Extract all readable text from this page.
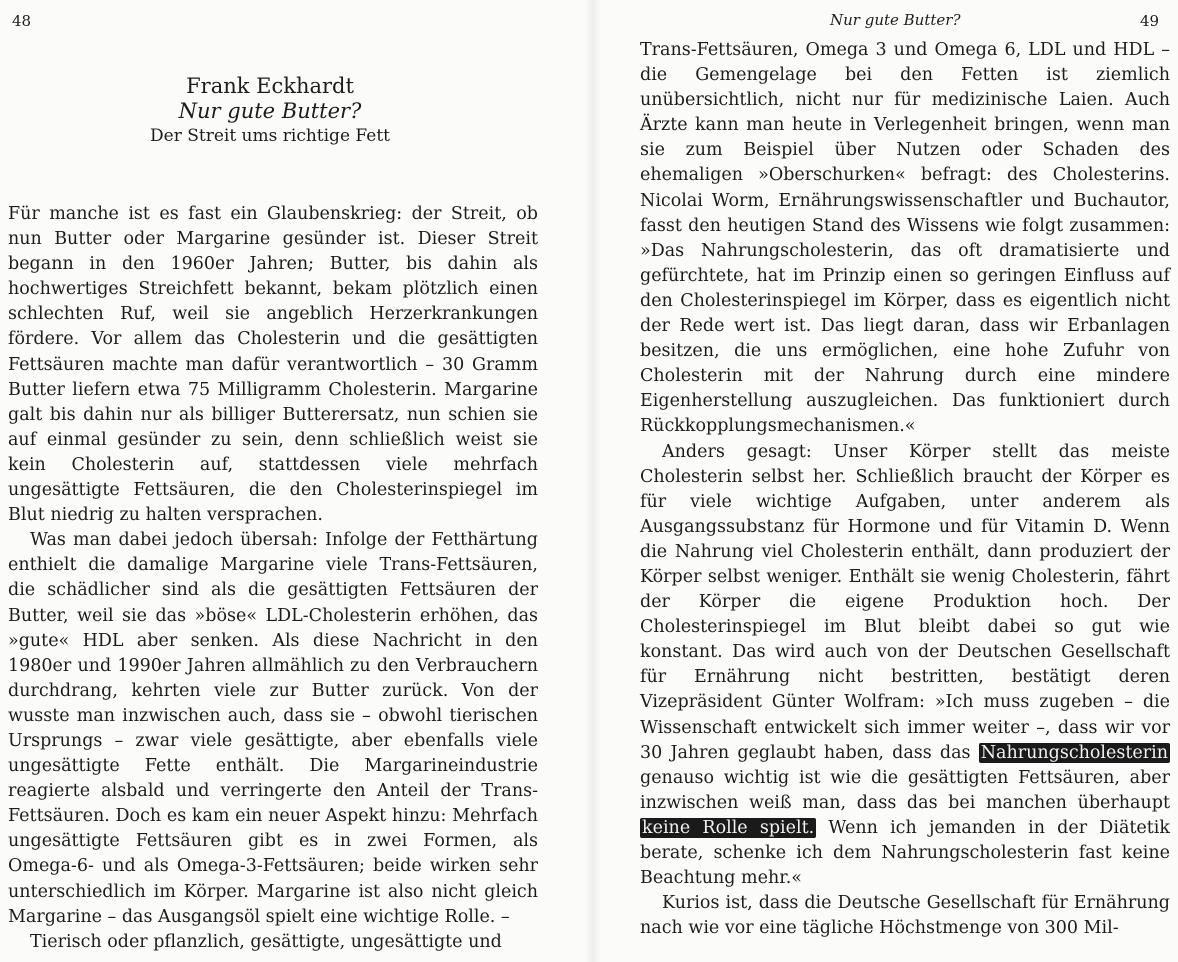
48
Frank Eckhardt
Nur gute Butter?
Der Streit ums richtige Fett

Für manche ist es fast ein Glaubenskrieg: der Streit, ob nun Butter oder Margarine gesünder ist. Dieser Streit begann in den 1960er Jahren; Butter, bis dahin als hochwertiges Streichfett bekannt, bekam plötzlich einen schlechten Ruf, weil sie angeblich Herzerkrankungen fördere. Vor allem das Cholesterin und die gesättigten Fettsäuren machte man dafür verantwortlich – 30 Gramm Butter liefern etwa 75 Milligramm Cholesterin. Margarine galt bis dahin nur als billiger Butterersatz, nun schien sie auf einmal gesünder zu sein, denn schließlich weist sie kein Cholesterin auf, stattdessen viele mehrfach ungesättigte Fettsäuren, die den Cholesterinspiegel im Blut niedrig zu halten versprachen.

Was man dabei jedoch übersah: Infolge der Fetthärtung enthielt die damalige Margarine viele Trans-Fettsäuren, die schädlicher sind als die gesättigten Fettsäuren der Butter, weil sie das »böse« LDL-Cholesterin erhöhen, das »gute« HDL aber senken. Als diese Nachricht in den 1980er und 1990er Jahren allmählich zu den Verbrauchern durchdrang, kehrten viele zur Butter zurück. Von der wusste man inzwischen auch, dass sie – obwohl tierischen Ursprungs – zwar viele gesättigte, aber ebenfalls viele ungesättigte Fette enthält. Die Margarineindustrie reagierte alsbald und verringerte den Anteil der Trans-Fettsäuren. Doch es kam ein neuer Aspekt hinzu: Mehrfach ungesättigte Fettsäuren gibt es in zwei Formen, als Omega-6- und als Omega-3-Fettsäuren; beide wirken sehr unterschiedlich im Körper. Margarine ist also nicht gleich Margarine – das Ausgangsöl spielt eine wichtige Rolle. –

Tierisch oder pflanzlich, gesättigte, ungesättigte und

Nur gute Butter?	49

Trans-Fettsäuren, Omega 3 und Omega 6, LDL und HDL – die Gemengelage bei den Fetten ist ziemlich unübersichtlich, nicht nur für medizinische Laien. Auch Ärzte kann man heute in Verlegenheit bringen, wenn man sie zum Beispiel über Nutzen oder Schaden des ehemaligen »Oberschurken« befragt: des Cholesterins. Nicolai Worm, Ernährungswissenschaftler und Buchautor, fasst den heutigen Stand des Wissens wie folgt zusammen: »Das Nahrungscholesterin, das oft dramatisierte und gefürchtete, hat im Prinzip einen so geringen Einfluss auf den Cholesterinspiegel im Körper, dass es eigentlich nicht der Rede wert ist. Das liegt daran, dass wir Erbanlagen besitzen, die uns ermöglichen, eine hohe Zufuhr von Cholesterin mit der Nahrung durch eine mindere Eigenherstellung auszugleichen. Das funktioniert durch Rückkopplungsmechanismen.«

Anders gesagt: Unser Körper stellt das meiste Cholesterin selbst her. Schließlich braucht der Körper es für viele wichtige Aufgaben, unter anderem als Ausgangssubstanz für Hormone und für Vitamin D. Wenn die Nahrung viel Cholesterin enthält, dann produziert der Körper selbst weniger. Enthält sie wenig Cholesterin, fährt der Körper die eigene Produktion hoch. Der Cholesterinspiegel im Blut bleibt dabei so gut wie konstant. Das wird auch von der Deutschen Gesellschaft für Ernährung nicht bestritten, bestätigt deren Vizepräsident Günter Wolfram: »Ich muss zugeben – die Wissenschaft entwickelt sich immer weiter –, dass wir vor 30 Jahren geglaubt haben, dass das Nahrungscholesterin genauso wichtig ist wie die gesättigten Fettsäuren, aber inzwischen weiß man, dass das bei manchen überhaupt keine Rolle spielt. Wenn ich jemanden in der Diätetik berate, schenke ich dem Nahrungscholesterin fast keine Beachtung mehr.«

Kurios ist, dass die Deutsche Gesellschaft für Ernährung nach wie vor eine tägliche Höchstmenge von 300 Mil-
